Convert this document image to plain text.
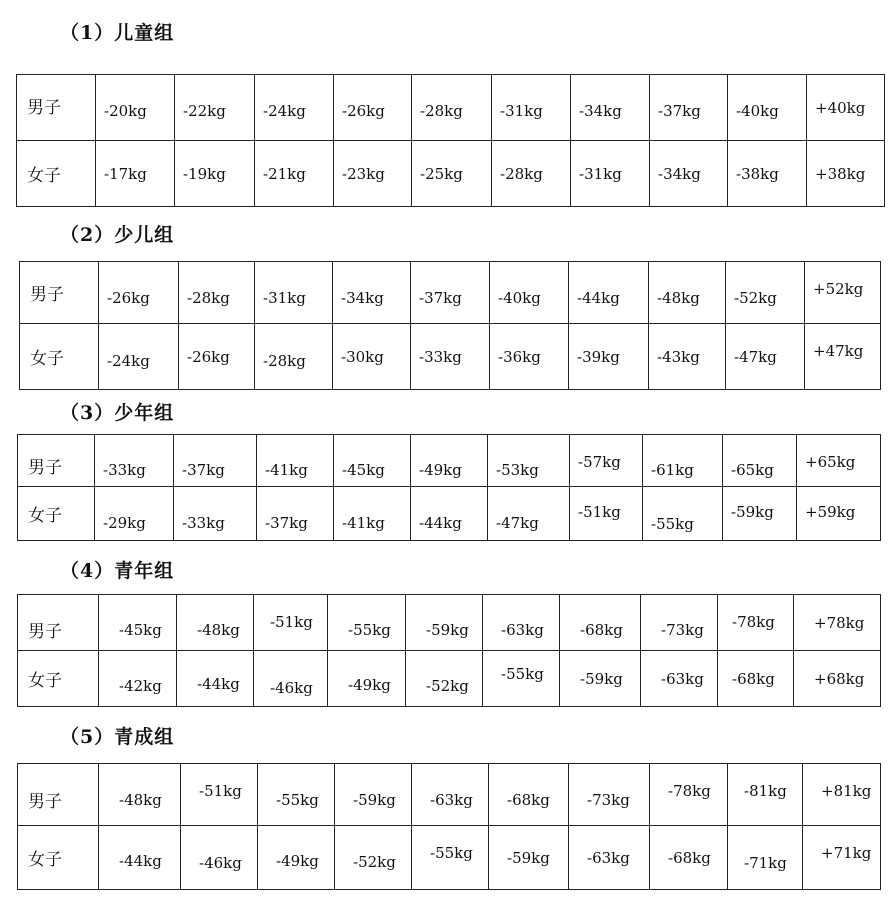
（1）儿童组
男子	-20kg	-22kg	-24kg	-26kg	-28kg	-31kg	-34kg	-37kg	-40kg	+40kg
女子	-17kg	-19kg	-21kg	-23kg	-25kg	-28kg	-31kg	-34kg	-38kg	+38kg
（2）少儿组
男子	-26kg	-28kg	-31kg	-34kg	-37kg	-40kg	-44kg	-48kg	-52kg	+52kg
女子	-24kg	-26kg	-28kg	-30kg	-33kg	-36kg	-39kg	-43kg	-47kg	+47kg
（3）少年组
男子	-33kg	-37kg	-41kg	-45kg	-49kg	-53kg	-57kg	-61kg	-65kg	+65kg
女子	-29kg	-33kg	-37kg	-41kg	-44kg	-47kg	-51kg	-55kg	-59kg	+59kg
（4）青年组
男子	-45kg	-48kg	-51kg	-55kg	-59kg	-63kg	-68kg	-73kg	-78kg	+78kg
女子	-42kg	-44kg	-46kg	-49kg	-52kg	-55kg	-59kg	-63kg	-68kg	+68kg
（5）青成组
男子	-48kg	-51kg	-55kg	-59kg	-63kg	-68kg	-73kg	-78kg	-81kg	+81kg
女子	-44kg	-46kg	-49kg	-52kg	-55kg	-59kg	-63kg	-68kg	-71kg	+71kg
